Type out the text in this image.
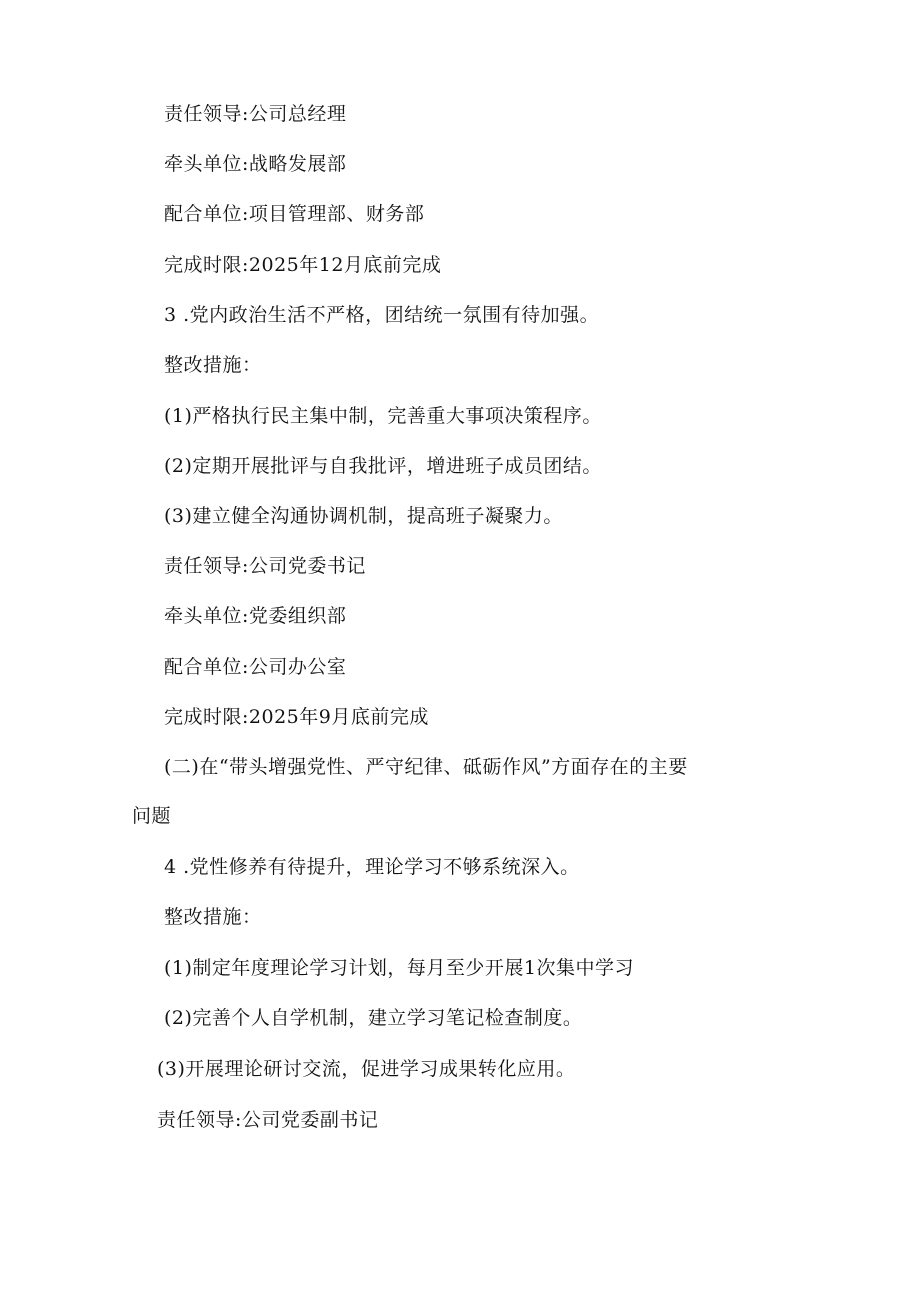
责任领导:公司总经理
牵头单位:战略发展部
配合单位:项目管理部、财务部
完成时限:2025年12月底前完成
3 .党内政治生活不严格，团结统一氛围有待加强。
整改措施：
(1)严格执行民主集中制，完善重大事项决策程序。
(2)定期开展批评与自我批评，增进班子成员团结。
(3)建立健全沟通协调机制，提高班子凝聚力。
责任领导:公司党委书记
牵头单位:党委组织部
配合单位:公司办公室
完成时限:2025年9月底前完成
(二)在“带头增强党性、严守纪律、砥砺作风”方面存在的主要
问题
4 .党性修养有待提升，理论学习不够系统深入。
整改措施：
(1)制定年度理论学习计划，每月至少开展1次集中学习
(2)完善个人自学机制，建立学习笔记检查制度。
(3)开展理论研讨交流，促进学习成果转化应用。
责任领导:公司党委副书记
